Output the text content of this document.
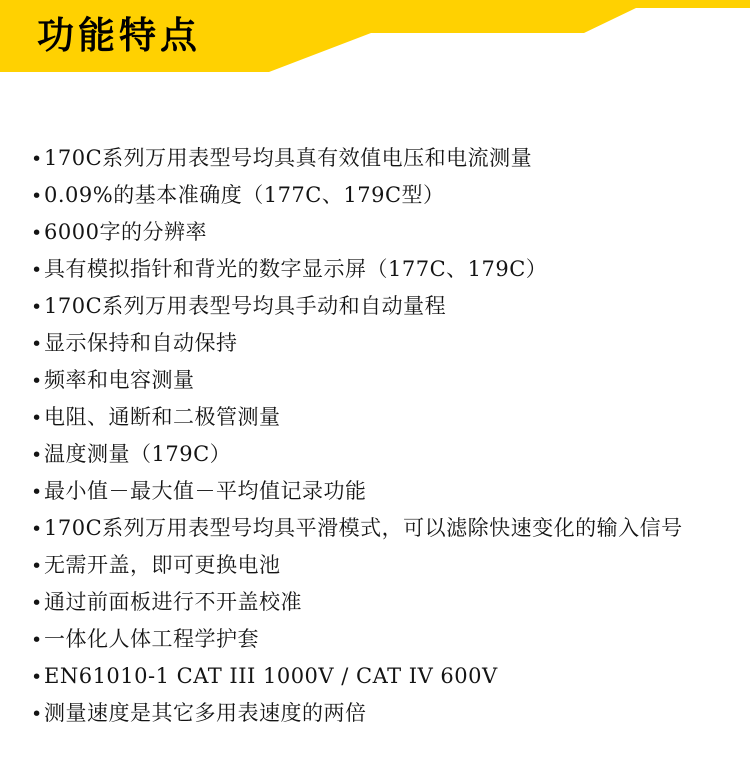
功能特点
•170C系列万用表型号均具真有效值电压和电流测量
•0.09%的基本准确度（177C、179C型）
•6000字的分辨率
•具有模拟指针和背光的数字显示屏（177C、179C）
•170C系列万用表型号均具手动和自动量程
•显示保持和自动保持
•频率和电容测量
•电阻、通断和二极管测量
•温度测量（179C）
•最小值－最大值－平均值记录功能
•170C系列万用表型号均具平滑模式，可以滤除快速变化的输入信号
•无需开盖，即可更换电池
•通过前面板进行不开盖校准
•一体化人体工程学护套
•EN61010-1 CAT III 1000V / CAT IV 600V
•测量速度是其它多用表速度的两倍
